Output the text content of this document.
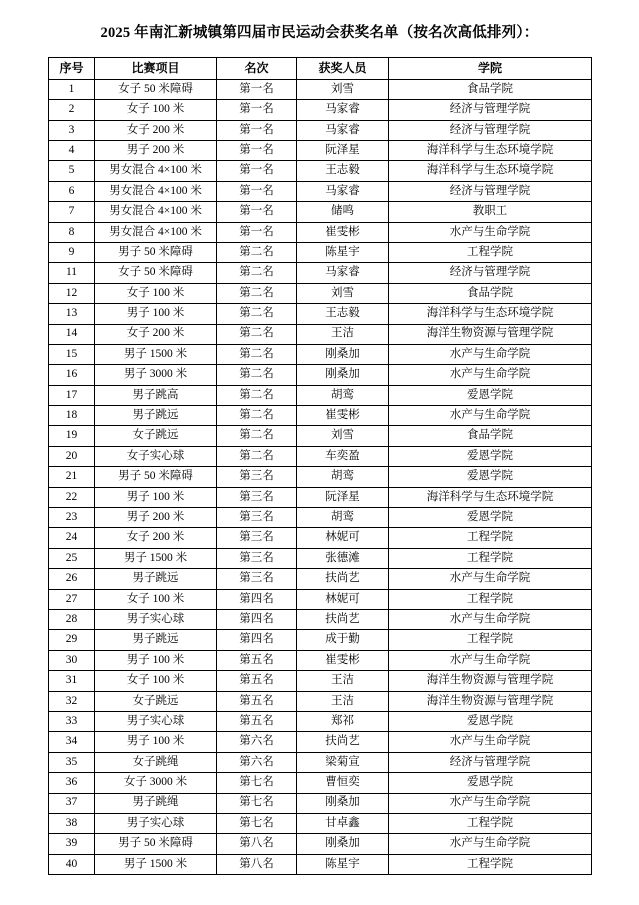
2025 年南汇新城镇第四届市民运动会获奖名单（按名次高低排列）：
序号	比赛项目	名次	获奖人员	学院
1	女子 50 米障碍	第一名	刘雪	食品学院
2	女子 100 米	第一名	马家睿	经济与管理学院
3	女子 200 米	第一名	马家睿	经济与管理学院
4	男子 200 米	第一名	阮泽星	海洋科学与生态环境学院
5	男女混合 4×100 米	第一名	王志毅	海洋科学与生态环境学院
6	男女混合 4×100 米	第一名	马家睿	经济与管理学院
7	男女混合 4×100 米	第一名	储鸣	教职工
8	男女混合 4×100 米	第一名	崔雯彬	水产与生命学院
9	男子 50 米障碍	第二名	陈星宇	工程学院
11	女子 50 米障碍	第二名	马家睿	经济与管理学院
12	女子 100 米	第二名	刘雪	食品学院
13	男子 100 米	第二名	王志毅	海洋科学与生态环境学院
14	女子 200 米	第二名	王洁	海洋生物资源与管理学院
15	男子 1500 米	第二名	刚桑加	水产与生命学院
16	男子 3000 米	第二名	刚桑加	水产与生命学院
17	男子跳高	第二名	胡鸾	爱恩学院
18	男子跳远	第二名	崔雯彬	水产与生命学院
19	女子跳远	第二名	刘雪	食品学院
20	女子实心球	第二名	车奕盈	爱恩学院
21	男子 50 米障碍	第三名	胡鸾	爱恩学院
22	男子 100 米	第三名	阮泽星	海洋科学与生态环境学院
23	男子 200 米	第三名	胡鸾	爱恩学院
24	女子 200 米	第三名	林妮可	工程学院
25	男子 1500 米	第三名	张德滩	工程学院
26	男子跳远	第三名	扶尚艺	水产与生命学院
27	女子 100 米	第四名	林妮可	工程学院
28	男子实心球	第四名	扶尚艺	水产与生命学院
29	男子跳远	第四名	成于勤	工程学院
30	男子 100 米	第五名	崔雯彬	水产与生命学院
31	女子 100 米	第五名	王洁	海洋生物资源与管理学院
32	女子跳远	第五名	王洁	海洋生物资源与管理学院
33	男子实心球	第五名	郑祁	爱恩学院
34	男子 100 米	第六名	扶尚艺	水产与生命学院
35	女子跳绳	第六名	梁菊宣	经济与管理学院
36	女子 3000 米	第七名	曹恒奕	爱恩学院
37	男子跳绳	第七名	刚桑加	水产与生命学院
38	男子实心球	第七名	甘卓鑫	工程学院
39	男子 50 米障碍	第八名	刚桑加	水产与生命学院
40	男子 1500 米	第八名	陈星宇	工程学院
